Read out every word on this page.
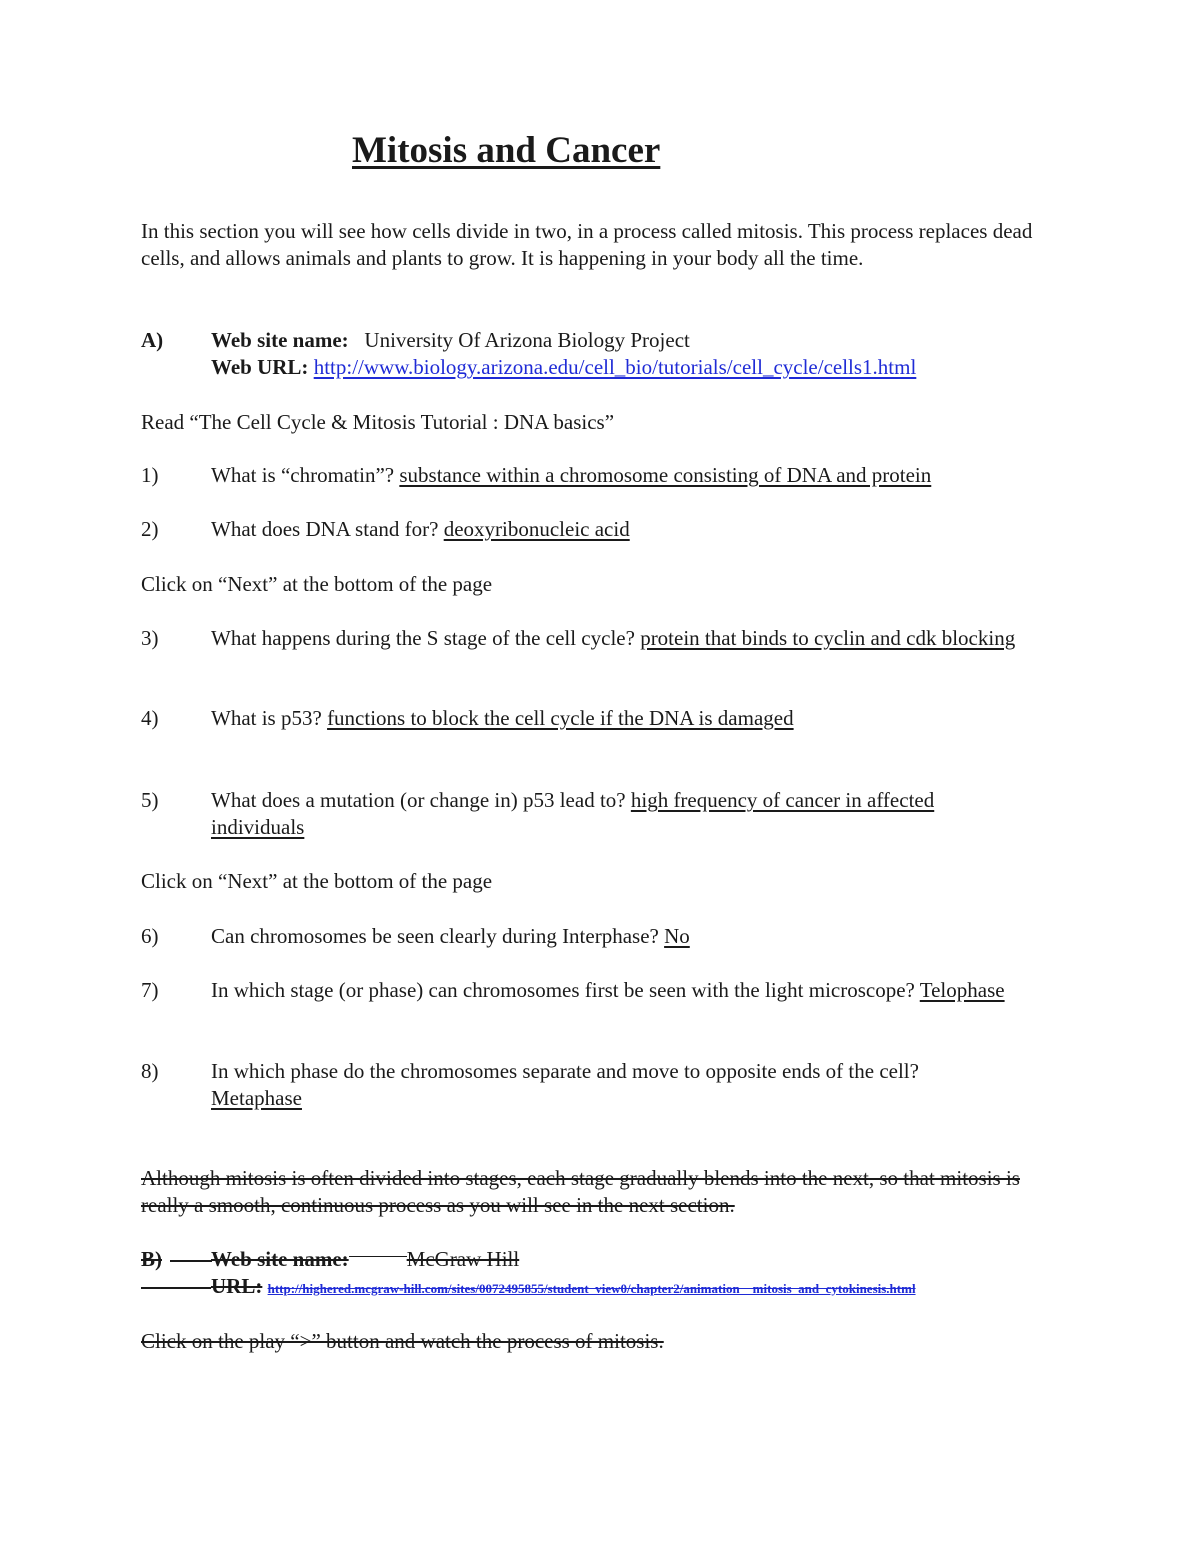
Mitosis and Cancer
In this section you will see how cells divide in two, in a process called mitosis. This process replaces dead cells, and allows animals and plants to grow. It is happening in your body all the time.
A) Web site name: University Of Arizona Biology Project
Web URL: http://www.biology.arizona.edu/cell_bio/tutorials/cell_cycle/cells1.html
Read “The Cell Cycle & Mitosis Tutorial : DNA basics”
1)	What is “chromatin”? substance within a chromosome consisting of DNA and protein
2)	What does DNA stand for? deoxyribonucleic acid
Click on “Next” at the bottom of the page
3)	What happens during the S stage of the cell cycle? protein that binds to cyclin and cdk blocking
4)	What is p53? functions to block the cell cycle if the DNA is damaged
5)	What does a mutation (or change in) p53 lead to? high frequency of cancer in affected individuals
Click on “Next” at the bottom of the page
6)	Can chromosomes be seen clearly during Interphase? No
7)	In which stage (or phase) can chromosomes first be seen with the light microscope? Telophase
8)	In which phase do the chromosomes separate and move to opposite ends of the cell? Metaphase
Although mitosis is often divided into stages, each stage gradually blends into the next, so that mitosis is really a smooth, continuous process as you will see in the next section.
B) Web site name:	McGraw Hill
URL: http://highered.mcgraw-hill.com/sites/0072495855/student_view0/chapter2/animation__mitosis_and_cytokinesis.html
Click on the play “>” button and watch the process of mitosis.
